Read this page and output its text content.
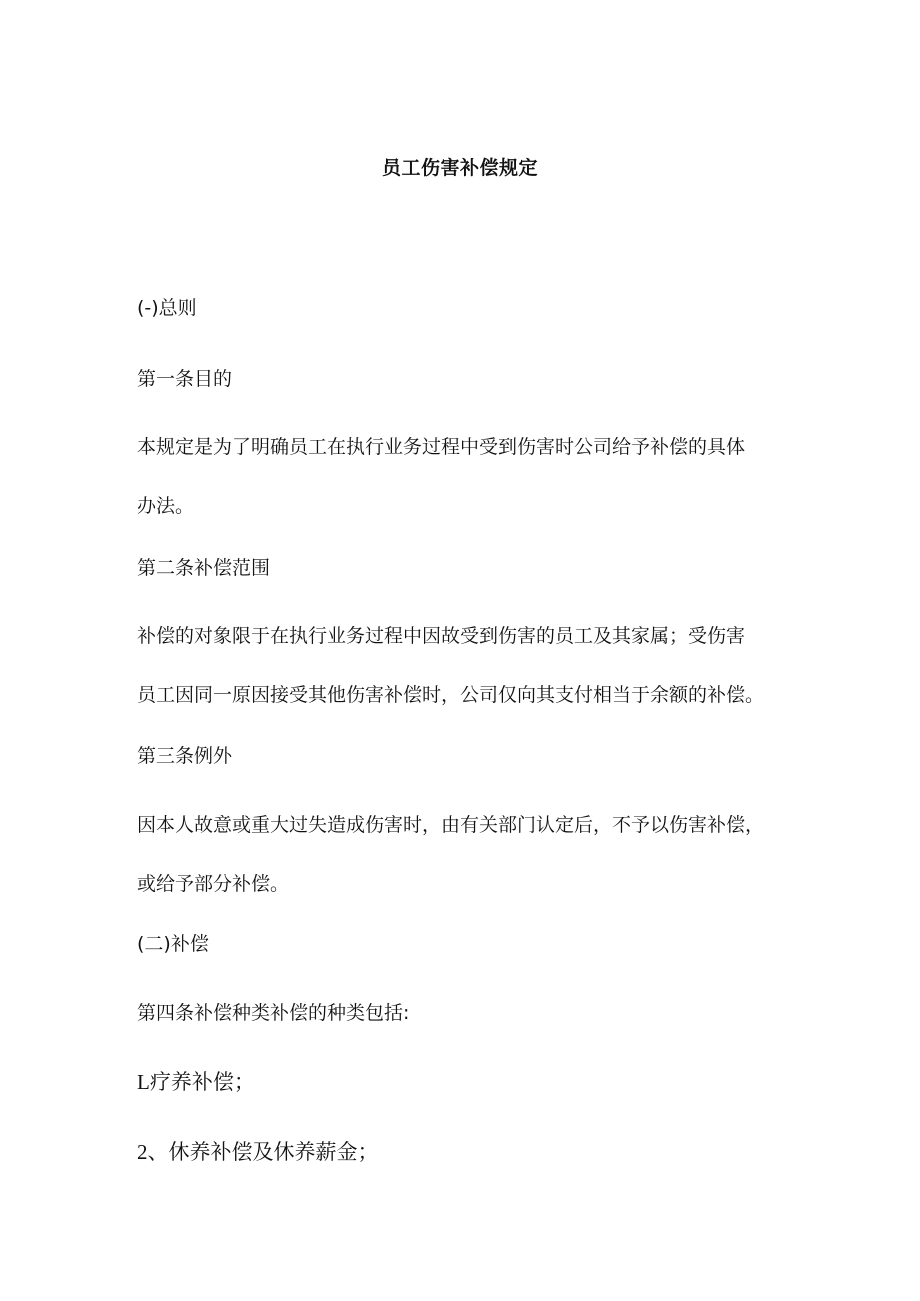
员工伤害补偿规定
(-)总则
第一条目的
本规定是为了明确员工在执行业务过程中受到伤害时公司给予补偿的具体
办法。
第二条补偿范围
补偿的对象限于在执行业务过程中因故受到伤害的员工及其家属；受伤害
员工因同一原因接受其他伤害补偿时，公司仅向其支付相当于余额的补偿。
第三条例外
因本人故意或重大过失造成伤害时，由有关部门认定后，不予以伤害补偿，
或给予部分补偿。
(二)补偿
第四条补偿种类补偿的种类包括:
L疗养补偿；
2、休养补偿及休养薪金；
